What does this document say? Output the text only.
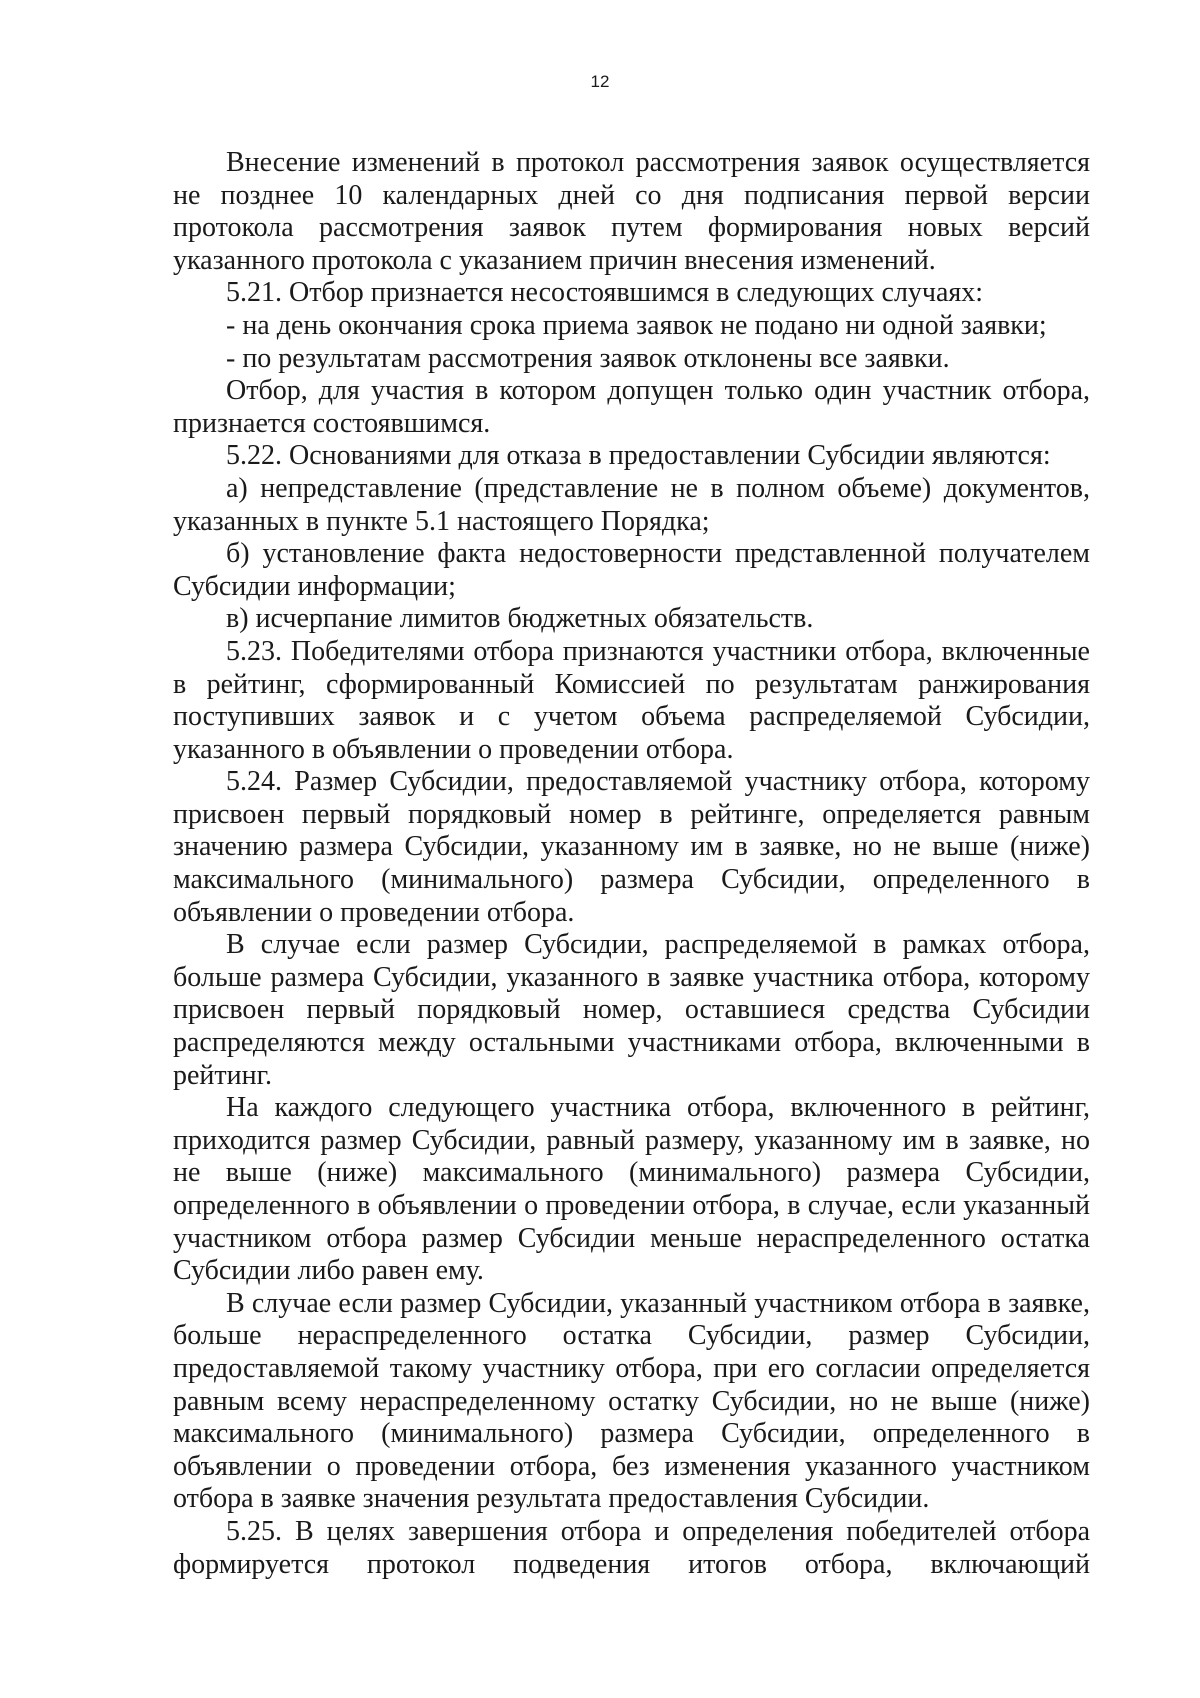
12

Внесение изменений в протокол рассмотрения заявок осуществляется не позднее 10 календарных дней со дня подписания первой версии протокола рассмотрения заявок путем формирования новых версий указанного протокола с указанием причин внесения изменений.

5.21. Отбор признается несостоявшимся в следующих случаях:

- на день окончания срока приема заявок не подано ни одной заявки;

- по результатам рассмотрения заявок отклонены все заявки.

Отбор, для участия в котором допущен только один участник отбора, признается состоявшимся.

5.22. Основаниями для отказа в предоставлении Субсидии являются:

а) непредставление (представление не в полном объеме) документов, указанных в пункте 5.1 настоящего Порядка;

б) установление факта недостоверности представленной получателем Субсидии информации;

в) исчерпание лимитов бюджетных обязательств.

5.23. Победителями отбора признаются участники отбора, включенные в рейтинг, сформированный Комиссией по результатам ранжирования поступивших заявок и с учетом объема распределяемой Субсидии, указанного в объявлении о проведении отбора.

5.24. Размер Субсидии, предоставляемой участнику отбора, которому присвоен первый порядковый номер в рейтинге, определяется равным значению размера Субсидии, указанному им в заявке, но не выше (ниже) максимального (минимального) размера Субсидии, определенного в объявлении о проведении отбора.

В случае если размер Субсидии, распределяемой в рамках отбора, больше размера Субсидии, указанного в заявке участника отбора, которому присвоен первый порядковый номер, оставшиеся средства Субсидии распределяются между остальными участниками отбора, включенными в рейтинг.

На каждого следующего участника отбора, включенного в рейтинг, приходится размер Субсидии, равный размеру, указанному им в заявке, но не выше (ниже) максимального (минимального) размера Субсидии, определенного в объявлении о проведении отбора, в случае, если указанный участником отбора размер Субсидии меньше нераспределенного остатка Субсидии либо равен ему.

В случае если размер Субсидии, указанный участником отбора в заявке, больше нераспределенного остатка Субсидии, размер Субсидии, предоставляемой такому участнику отбора, при его согласии определяется равным всему нераспределенному остатку Субсидии, но не выше (ниже) максимального (минимального) размера Субсидии, определенного в объявлении о проведении отбора, без изменения указанного участником отбора в заявке значения результата предоставления Субсидии.

5.25. В целях завершения отбора и определения победителей отбора формируется протокол подведения итогов отбора, включающий
